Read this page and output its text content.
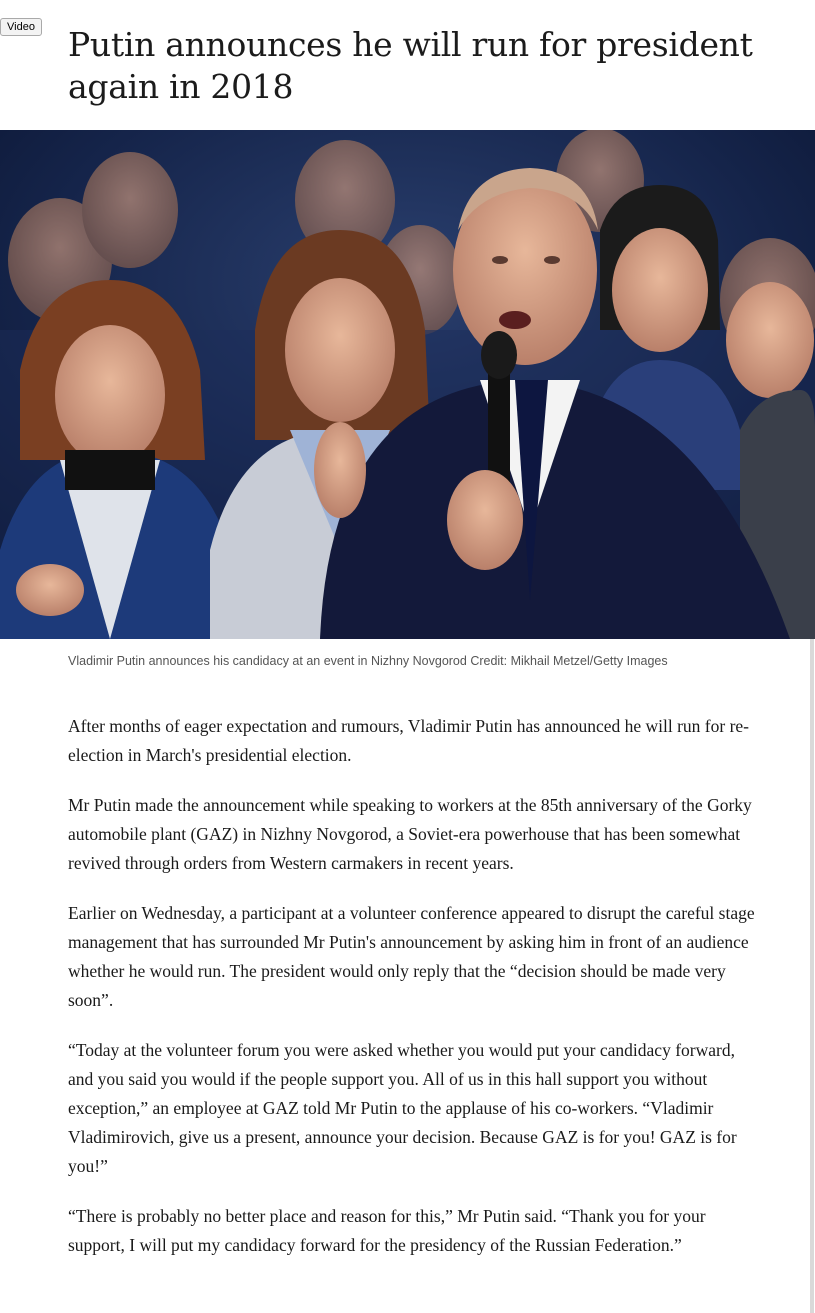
Video Putin announces he will run for president again in 2018

Vladimir Putin announces his candidacy at an event in Nizhny Novgorod Credit: Mikhail Metzel/Getty Images

After months of eager expectation and rumours, Vladimir Putin has announced he will run for re-election in March's presidential election.

Mr Putin made the announcement while speaking to workers at the 85th anniversary of the Gorky automobile plant (GAZ) in Nizhny Novgorod, a Soviet-era powerhouse that has been somewhat revived through orders from Western carmakers in recent years.

Earlier on Wednesday, a participant at a volunteer conference appeared to disrupt the careful stage management that has surrounded Mr Putin's announcement by asking him in front of an audience whether he would run. The president would only reply that the “decision should be made very soon”.

“Today at the volunteer forum you were asked whether you would put your candidacy forward, and you said you would if the people support you. All of us in this hall support you without exception,” an employee at GAZ told Mr Putin to the applause of his co-workers. “Vladimir Vladimirovich, give us a present, announce your decision. Because GAZ is for you! GAZ is for you!”

“There is probably no better place and reason for this,” Mr Putin said. “Thank you for your support, I will put my candidacy forward for the presidency of the Russian Federation.”
